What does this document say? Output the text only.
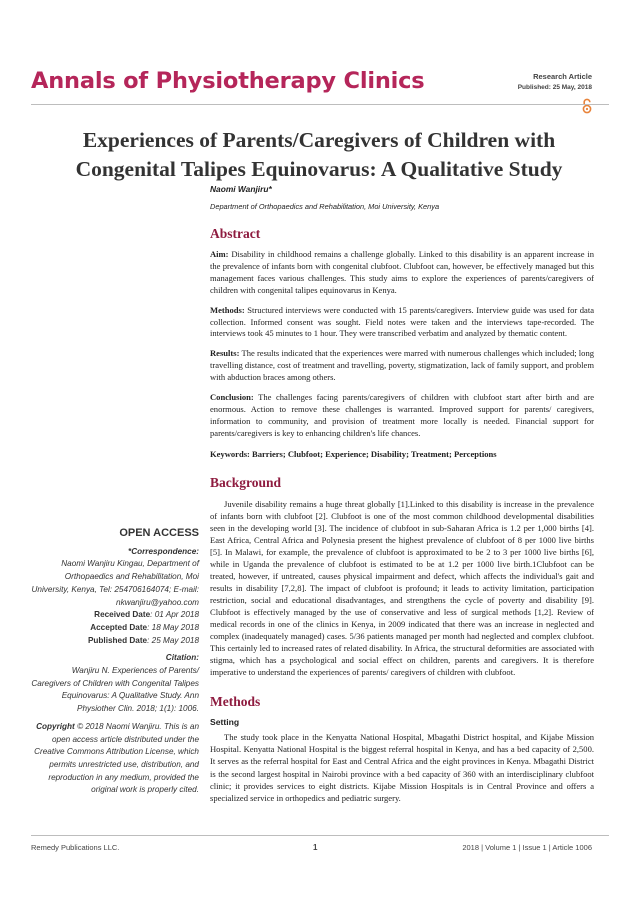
Annals of Physiotherapy Clinics	Research Article
Published: 25 May, 2018
Experiences of Parents/Caregivers of Children with
Congenital Talipes Equinovarus: A Qualitative Study
Naomi Wanjiru*
Department of Orthopaedics and Rehabilitation, Moi University, Kenya
Abstract

Aim: Disability in childhood remains a challenge globally. Linked to this disability is an apparent increase in the prevalence of infants born with congenital clubfoot. Clubfoot can, however, be effectively managed but this management faces various challenges. This study aims to explore the experiences of parents/caregivers of children with congenital talipes equinovarus in Kenya.

Methods: Structured interviews were conducted with 15 parents/caregivers. Interview guide was used for data collection. Informed consent was sought. Field notes were taken and the interviews tape-recorded. The interviews took 45 minutes to 1 hour. They were transcribed verbatim and analyzed by thematic content.

Results: The results indicated that the experiences were marred with numerous challenges which included; long travelling distance, cost of treatment and travelling, poverty, stigmatization, lack of family support, and problem with abduction braces among others.

Conclusion: The challenges facing parents/caregivers of children with clubfoot start after birth and are enormous. Action to remove these challenges is warranted. Improved support for parents/ caregivers, information to community, and provision of treatment more locally is needed. Financial support for parents/caregivers is key to enhancing children's life chances.

Keywords: Barriers; Clubfoot; Experience; Disability; Treatment; Perceptions
Background

Juvenile disability remains a huge threat globally [1].Linked to this disability is increase in the prevalence of infants born with clubfoot [2]. Clubfoot is one of the most common childhood developmental disabilities seen in the developing world [3]. The incidence of clubfoot in sub-Saharan Africa is 1.2 per 1,000 births [4]. East Africa, Central Africa and Polynesia present the highest prevalence of clubfoot of 8 per 1000 live births [5]. In Malawi, for example, the prevalence of clubfoot is approximated to be 2 to 3 per 1000 live births [6], while in Uganda the prevalence of clubfoot is estimated to be at 1.2 per 1000 live birth.1Clubfoot can be treated, however, if untreated, causes physical impairment and defect, which affects the individual's gait and results in disability [7,2,8]. The impact of clubfoot is profound; it leads to activity limitation, participation restriction, social and educational disadvantages, and strengthens the cycle of poverty and disability [9]. Clubfoot is effectively managed by the use of conservative and less of surgical methods [1,2]. Review of medical records in one of the clinics in Kenya, in 2009 indicated that there was an increase in neglected and complex (inadequately managed) cases. 5/36 patients managed per month had neglected and complex clubfoot. This certainly led to increased rates of related disability. In Africa, the structural deformities are associated with stigma, which has a psychological and social effect on children, parents and caregivers. It is therefore imperative to understand the experiences of parents/ caregivers of children with clubfoot.

Methods
Setting

The study took place in the Kenyatta National Hospital, Mbagathi District hospital, and Kijabe Mission Hospital. Kenyatta National Hospital is the biggest referral hospital in Kenya, and has a bed capacity of 2,500. It serves as the referral hospital for East and Central Africa and the eight provinces in Kenya. Mbagathi District is the second largest hospital in Nairobi province with a bed capacity of 360 with an interdisciplinary clubfoot clinic; it provides services to eight districts. Kijabe Mission Hospitals is in Central Province and offers a specialized service in orthopedics and pediatric surgery.

OPEN ACCESS
*Correspondence:
Naomi Wanjiru Kingau, Department of Orthopaedics and Rehabilitation, Moi University, Kenya, Tel: 254706164074; E-mail: nkwanjiru@yahoo.com
Received Date: 01 Apr 2018
Accepted Date: 18 May 2018
Published Date: 25 May 2018
Citation:
Wanjiru N. Experiences of Parents/ Caregivers of Children with Congenital Talipes Equinovarus: A Qualitative Study. Ann Physiother Clin. 2018; 1(1): 1006.
Copyright © 2018 Naomi Wanjiru. This is an open access article distributed under the Creative Commons Attribution License, which permits unrestricted use, distribution, and reproduction in any medium, provided the original work is properly cited.
Remedy Publications LLC.	1	2018 | Volume 1 | Issue 1 | Article 1006
